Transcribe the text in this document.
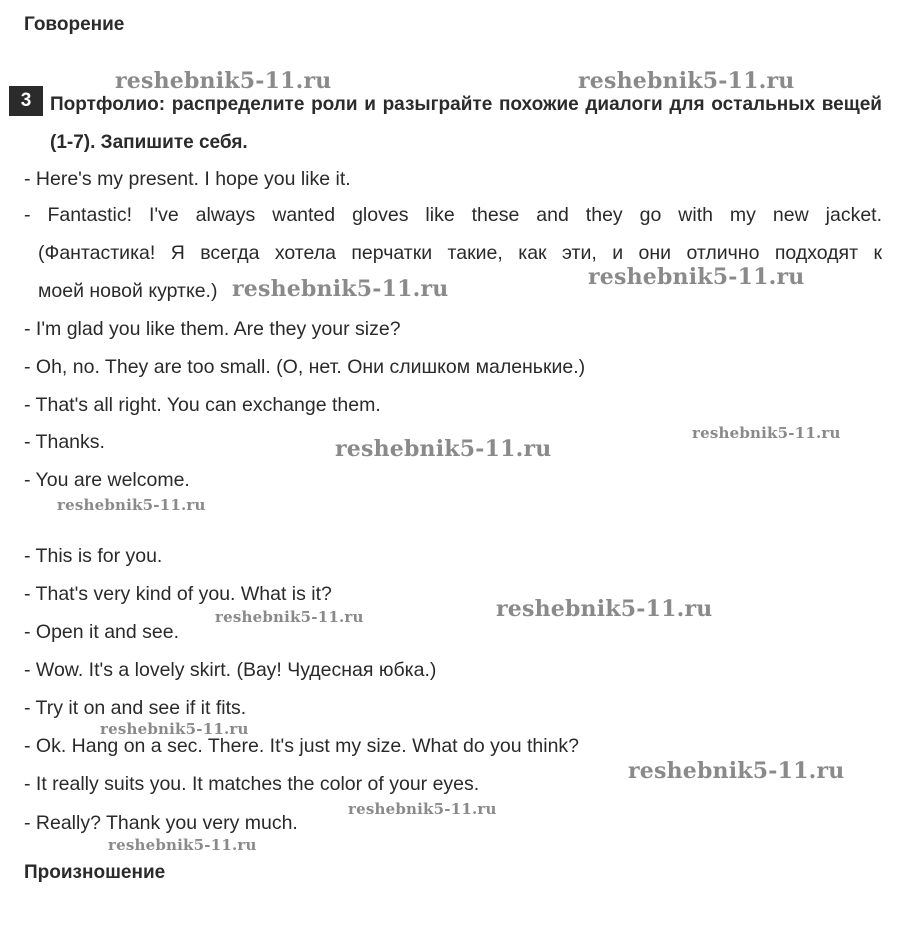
Говорение
3 Портфолио: распределите роли и разыграйте похожие диалоги для остальных вещей (1-7). Запишите себя.
- Here's my present. I hope you like it.
- Fantastic! I've always wanted gloves like these and they go with my new jacket.
(Фантастика! Я всегда хотела перчатки такие, как эти, и они отлично подходят к
моей новой куртке.)
- I'm glad you like them. Are they your size?
- Oh, no. They are too small. (О, нет. Они слишком маленькие.)
- That's all right. You can exchange them.
- Thanks.
- You are welcome.
- This is for you.
- That's very kind of you. What is it?
- Open it and see.
- Wow. It's a lovely skirt. (Вау! Чудесная юбка.)
- Try it on and see if it fits.
- Ok. Hang on a sec. There. It's just my size. What do you think?
- It really suits you. It matches the color of your eyes.
- Really? Thank you very much.
Произношение
reshebnik5-11.ru	reshebnik5-11.ru
reshebnik5-11.ru	reshebnik5-11.ru
reshebnik5-11.ru
reshebnik5-11.ru
reshebnik5-11.ru
reshebnik5-11.ru
reshebnik5-11.ru
reshebnik5-11.ru
reshebnik5-11.ru
reshebnik5-11.ru
reshebnik5-11.ru
